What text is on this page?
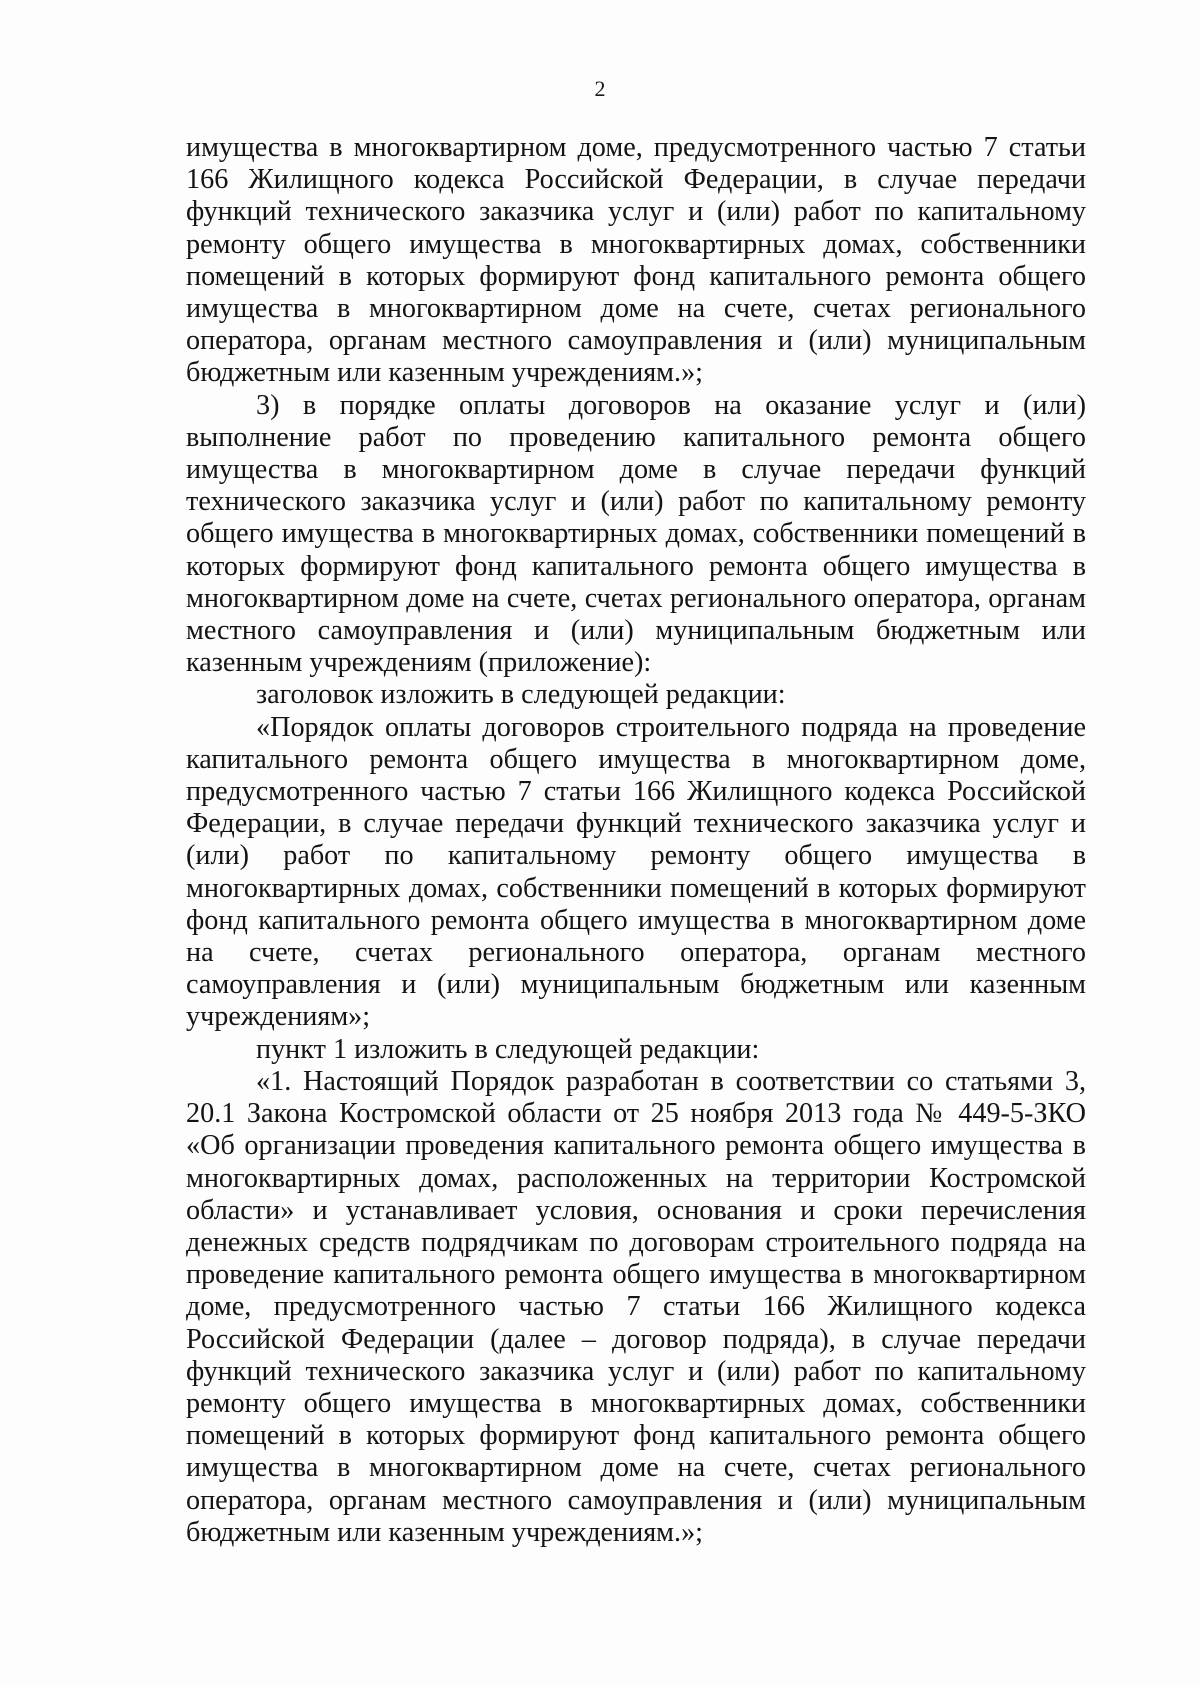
2

имущества в многоквартирном доме, предусмотренного частью 7 статьи 166 Жилищного кодекса Российской Федерации, в случае передачи функций технического заказчика услуг и (или) работ по капитальному ремонту общего имущества в многоквартирных домах, собственники помещений в которых формируют фонд капитального ремонта общего имущества в многоквартирном доме на счете, счетах регионального оператора, органам местного самоуправления и (или) муниципальным бюджетным или казенным учреждениям.»;

3) в порядке оплаты договоров на оказание услуг и (или) выполнение работ по проведению капитального ремонта общего имущества в многоквартирном доме в случае передачи функций технического заказчика услуг и (или) работ по капитальному ремонту общего имущества в многоквартирных домах, собственники помещений в которых формируют фонд капитального ремонта общего имущества в многоквартирном доме на счете, счетах регионального оператора, органам местного самоуправления и (или) муниципальным бюджетным или казенным учреждениям (приложение):

заголовок изложить в следующей редакции:

«Порядок оплаты договоров строительного подряда на проведение капитального ремонта общего имущества в многоквартирном доме, предусмотренного частью 7 статьи 166 Жилищного кодекса Российской Федерации, в случае передачи функций технического заказчика услуг и (или) работ по капитальному ремонту общего имущества в многоквартирных домах, собственники помещений в которых формируют фонд капитального ремонта общего имущества в многоквартирном доме на счете, счетах регионального оператора, органам местного самоуправления и (или) муниципальным бюджетным или казенным учреждениям»;

пункт 1 изложить в следующей редакции:

«1. Настоящий Порядок разработан в соответствии со статьями 3, 20.1 Закона Костромской области от 25 ноября 2013 года № 449-5-ЗКО «Об организации проведения капитального ремонта общего имущества в многоквартирных домах, расположенных на территории Костромской области» и устанавливает условия, основания и сроки перечисления денежных средств подрядчикам по договорам строительного подряда на проведение капитального ремонта общего имущества в многоквартирном доме, предусмотренного частью 7 статьи 166 Жилищного кодекса Российской Федерации (далее – договор подряда), в случае передачи функций технического заказчика услуг и (или) работ по капитальному ремонту общего имущества в многоквартирных домах, собственники помещений в которых формируют фонд капитального ремонта общего имущества в многоквартирном доме на счете, счетах регионального оператора, органам местного самоуправления и (или) муниципальным бюджетным или казенным учреждениям.»;
